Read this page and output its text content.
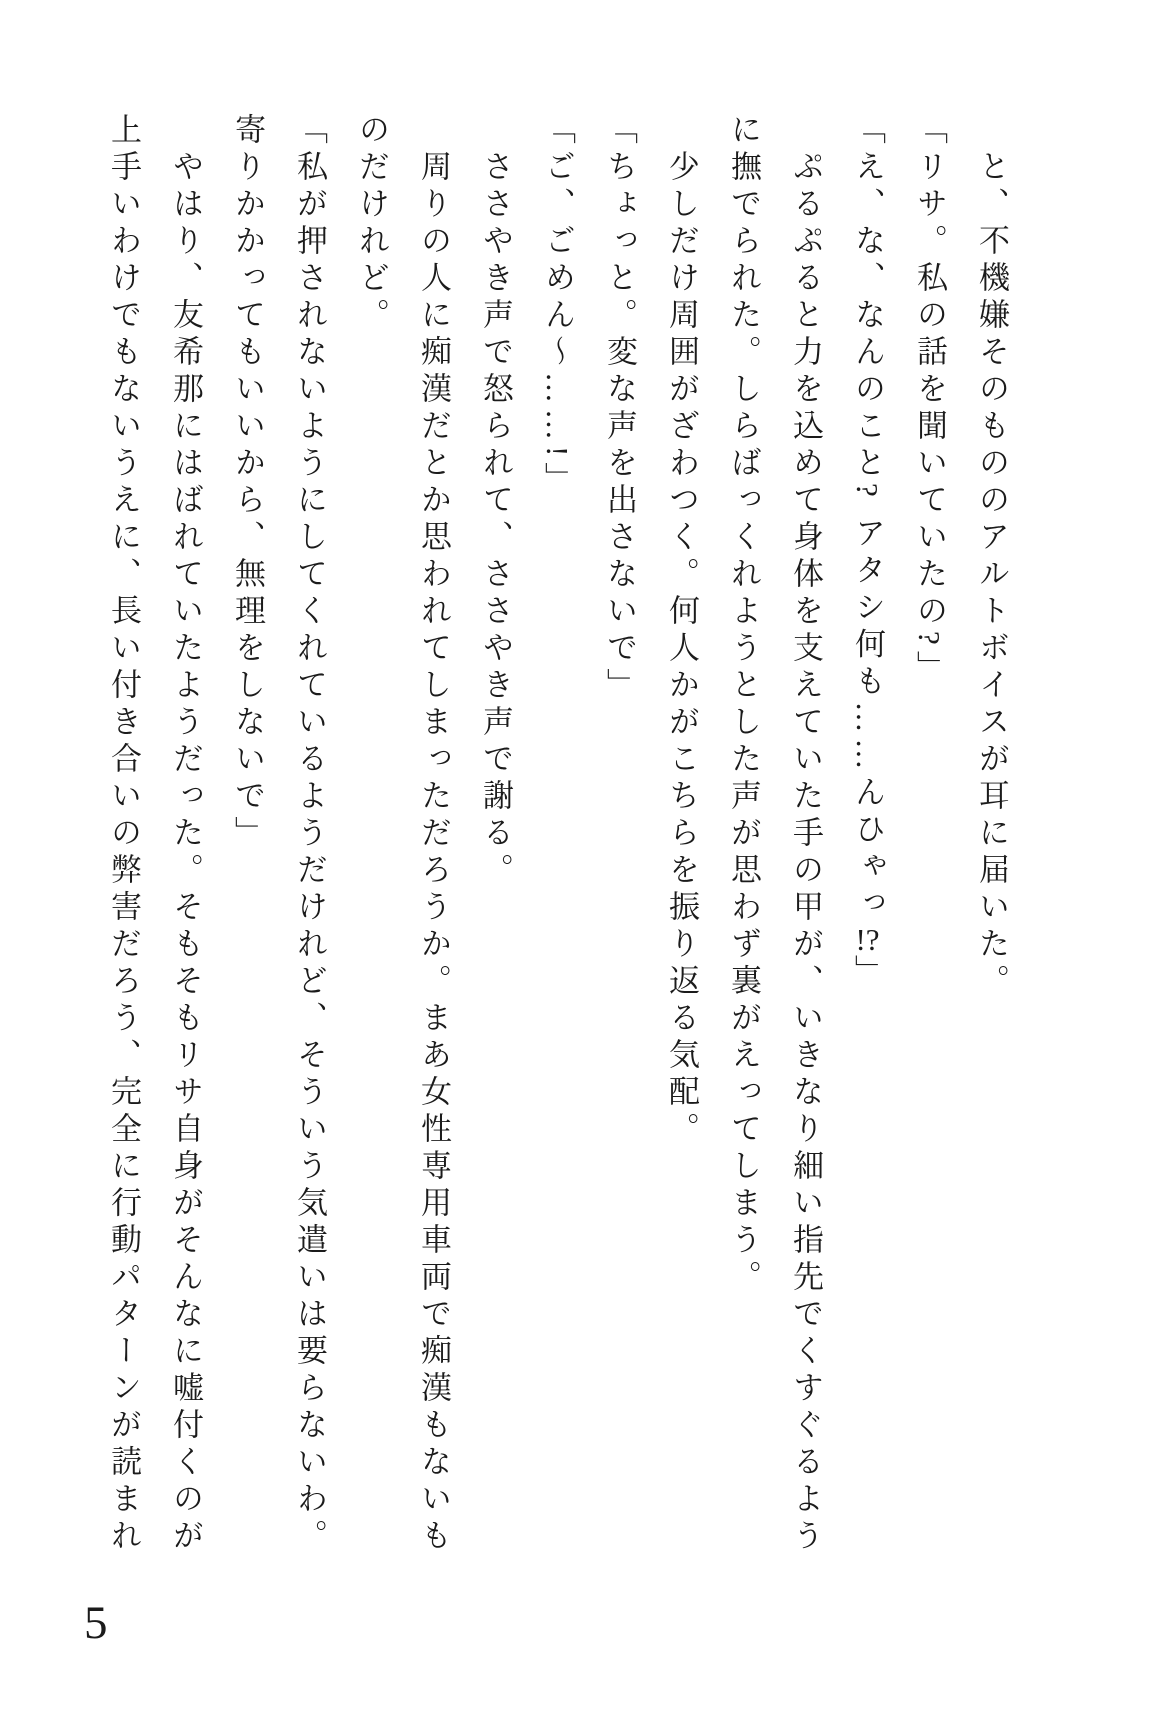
と、不機嫌そのもののアルトボイスが耳に届いた。

「リサ。私の話を聞いていたの?」

「え、な、なんのこと? アタシ何も……んひゃっ!?」

ぷるぷると力を込めて身体を支えていた手の甲が、いきなり細い指先でくすぐるように撫でられた。しらばっくれようとした声が思わず裏がえってしまう。

少しだけ周囲がざわつく。何人かがこちらを振り返る気配。

「ちょっと。変な声を出さないで」

「ご、ごめん～……!」

ささやき声で怒られて、ささやき声で謝る。

周りの人に痴漢だとか思われてしまっただろうか。まあ女性専用車両で痴漢もないものだけれど。

「私が押されないようにしてくれているようだけれど、そういう気遣いは要らないわ。寄りかかってもいいから、無理をしないで」

やはり、友希那にはばれていたようだった。そもそもリサ自身がそんなに嘘付くのが上手いわけでもないうえに、長い付き合いの弊害だろう、完全に行動パターンが読まれ

5
